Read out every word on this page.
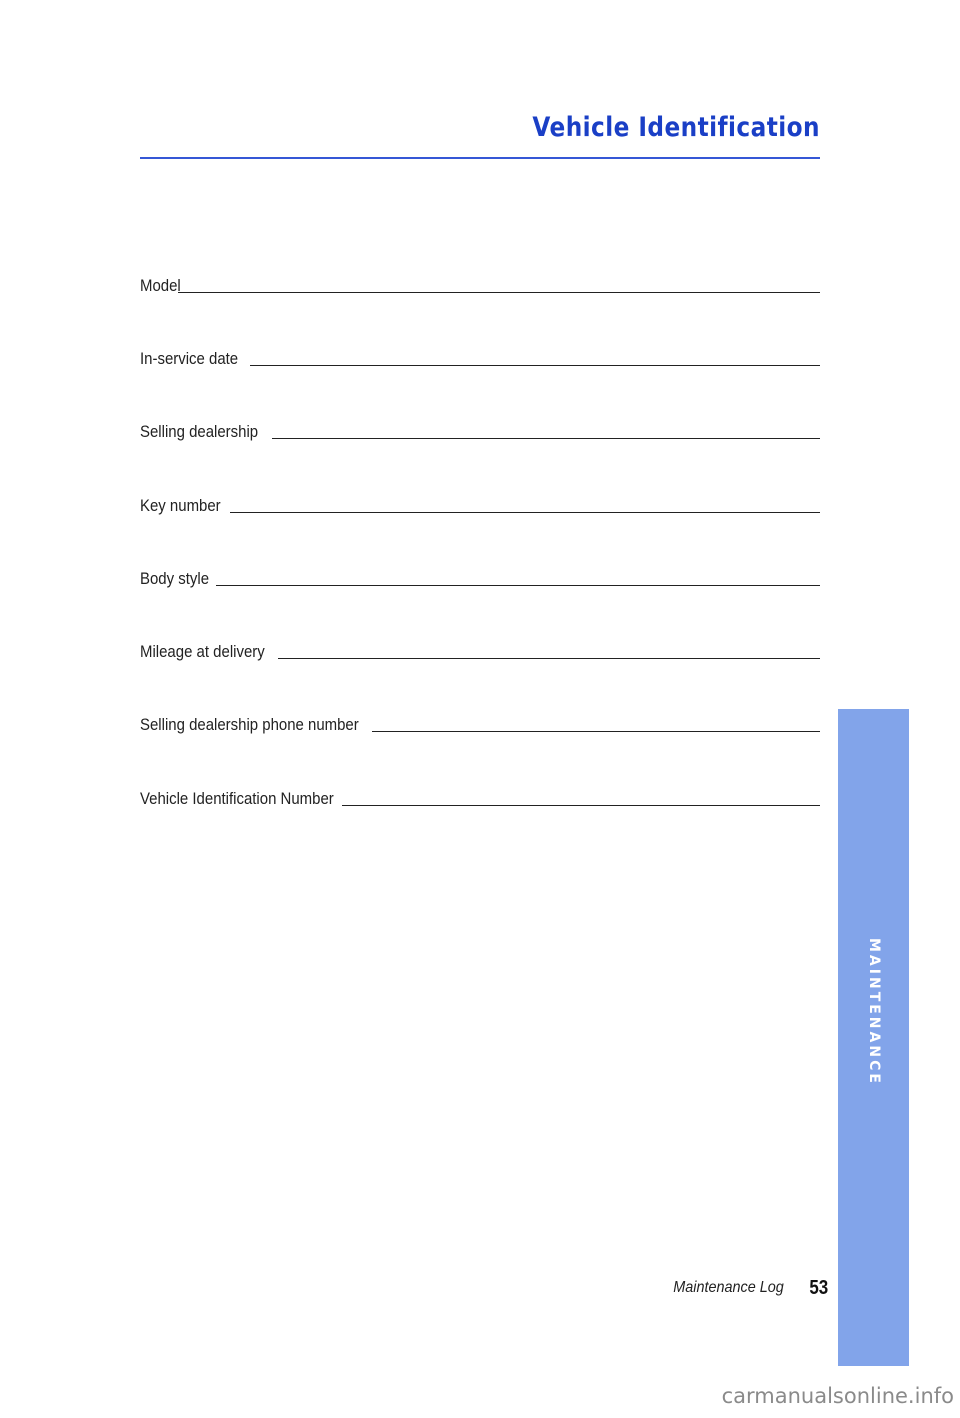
Vehicle Identification
Model
In-service date
Selling dealership
Key number
Body style
Mileage at delivery
Selling dealership phone number
Vehicle Identification Number
MAINTENANCE
Maintenance Log 53
carmanualsonline.info
